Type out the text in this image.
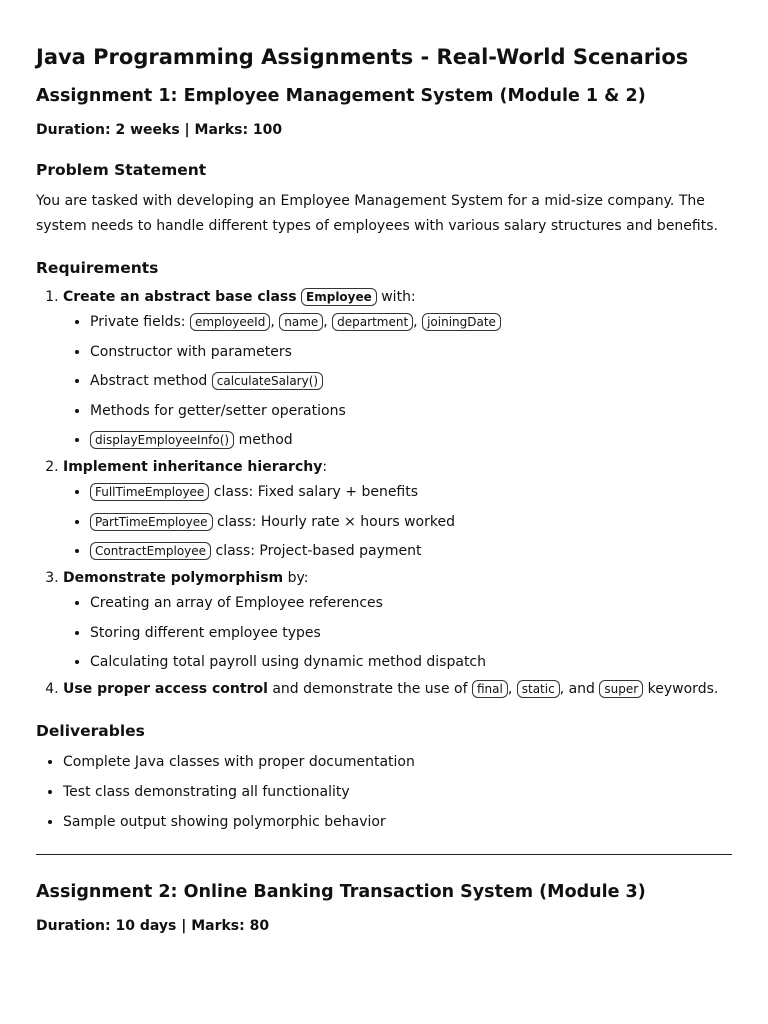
Java Programming Assignments - Real-World Scenarios
Assignment 1: Employee Management System (Module 1 & 2)
Duration: 2 weeks | Marks: 100
Problem Statement

You are tasked with developing an Employee Management System for a mid-size company. The system needs to handle different types of employees with various salary structures and benefits.

Requirements
1. Create an abstract base class Employee with:
• Private fields: employeeId , name , department , joiningDate
• Constructor with parameters
• Abstract method calculateSalary()
• Methods for getter/setter operations
• displayEmployeeInfo() method
2. Implement inheritance hierarchy:
• FullTimeEmployee class: Fixed salary + benefits
• PartTimeEmployee class: Hourly rate × hours worked
• ContractEmployee class: Project-based payment
3. Demonstrate polymorphism by:
• Creating an array of Employee references
• Storing different employee types
• Calculating total payroll using dynamic method dispatch
4. Use proper access control and demonstrate the use of final , static , and super keywords.
Deliverables
• Complete Java classes with proper documentation
• Test class demonstrating all functionality
• Sample output showing polymorphic behavior
Assignment 2: Online Banking Transaction System (Module 3)
Duration: 10 days | Marks: 80
